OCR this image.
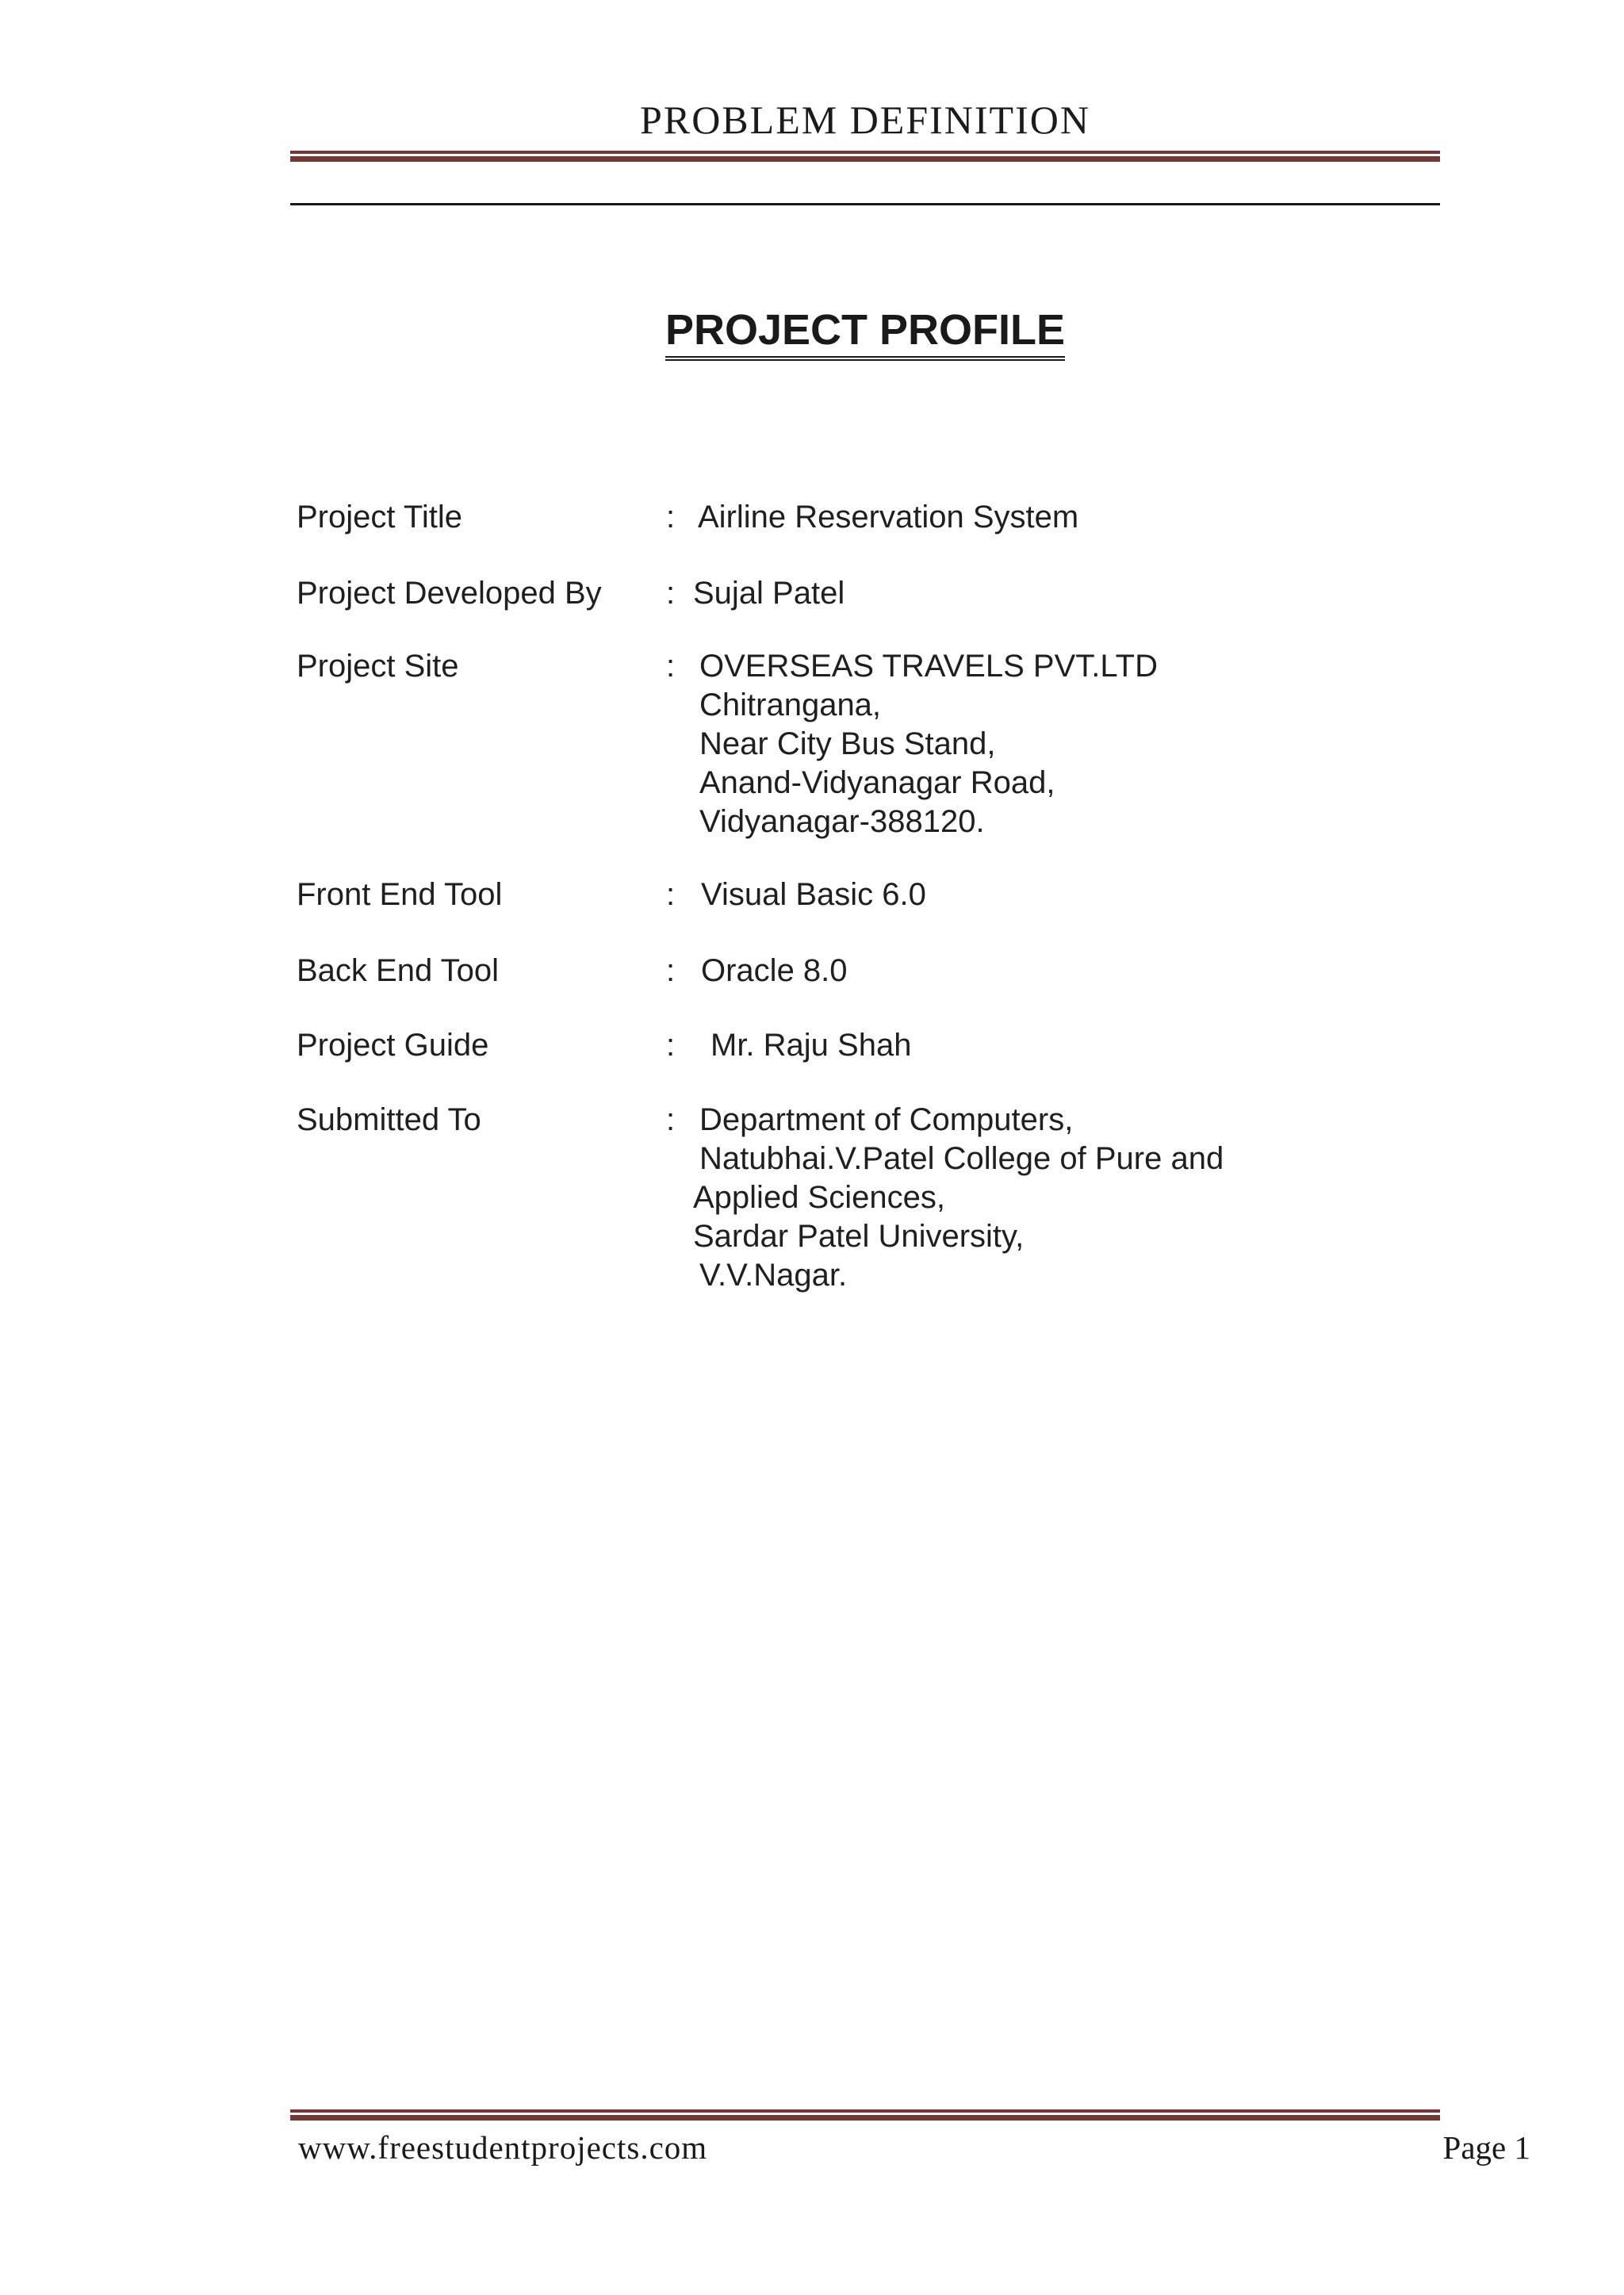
PROBLEM DEFINITION
PROJECT PROFILE
Project Title	: Airline Reservation System
Project Developed By : Sujal Patel
Project Site	: OVERSEAS TRAVELS PVT.LTD
Chitrangana,
Near City Bus Stand,
Anand-Vidyanagar Road,
Vidyanagar-388120.
Front End Tool	: Visual Basic 6.0
Back End Tool	: Oracle 8.0
Project Guide	: Mr. Raju Shah
Submitted To	: Department of Computers,
Natubhai.V.Patel College of Pure and
Applied Sciences,
Sardar Patel University,
V.V.Nagar.
www.freestudentprojects.com	Page 1
